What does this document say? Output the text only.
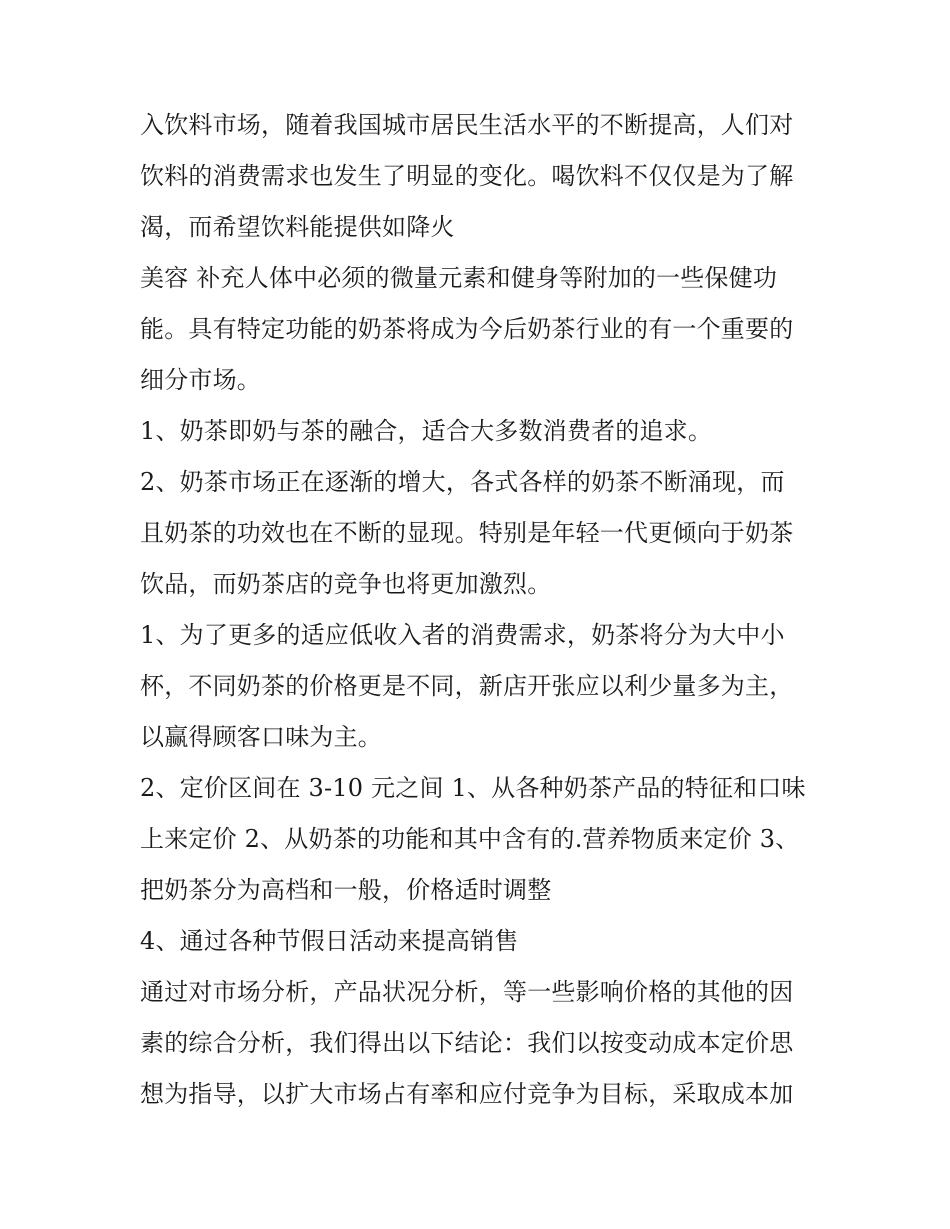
入饮料市场，随着我国城市居民生活水平的不断提高，人们对
饮料的消费需求也发生了明显的变化。喝饮料不仅仅是为了解
渴，而希望饮料能提供如降火
美容 补充人体中必须的微量元素和健身等附加的一些保健功
能。具有特定功能的奶茶将成为今后奶茶行业的有一个重要的
细分市场。
1、奶茶即奶与茶的融合，适合大多数消费者的追求。
2、奶茶市场正在逐渐的增大，各式各样的奶茶不断涌现，而
且奶茶的功效也在不断的显现。特别是年轻一代更倾向于奶茶
饮品，而奶茶店的竞争也将更加激烈。
1、为了更多的适应低收入者的消费需求，奶茶将分为大中小
杯，不同奶茶的价格更是不同，新店开张应以利少量多为主，
以赢得顾客口味为主。
2、定价区间在 3-10 元之间 1、从各种奶茶产品的特征和口味
上来定价 2、从奶茶的功能和其中含有的.营养物质来定价 3、
把奶茶分为高档和一般，价格适时调整
4、通过各种节假日活动来提高销售
通过对市场分析，产品状况分析，等一些影响价格的其他的因
素的综合分析，我们得出以下结论：我们以按变动成本定价思
想为指导，以扩大市场占有率和应付竞争为目标，采取成本加
